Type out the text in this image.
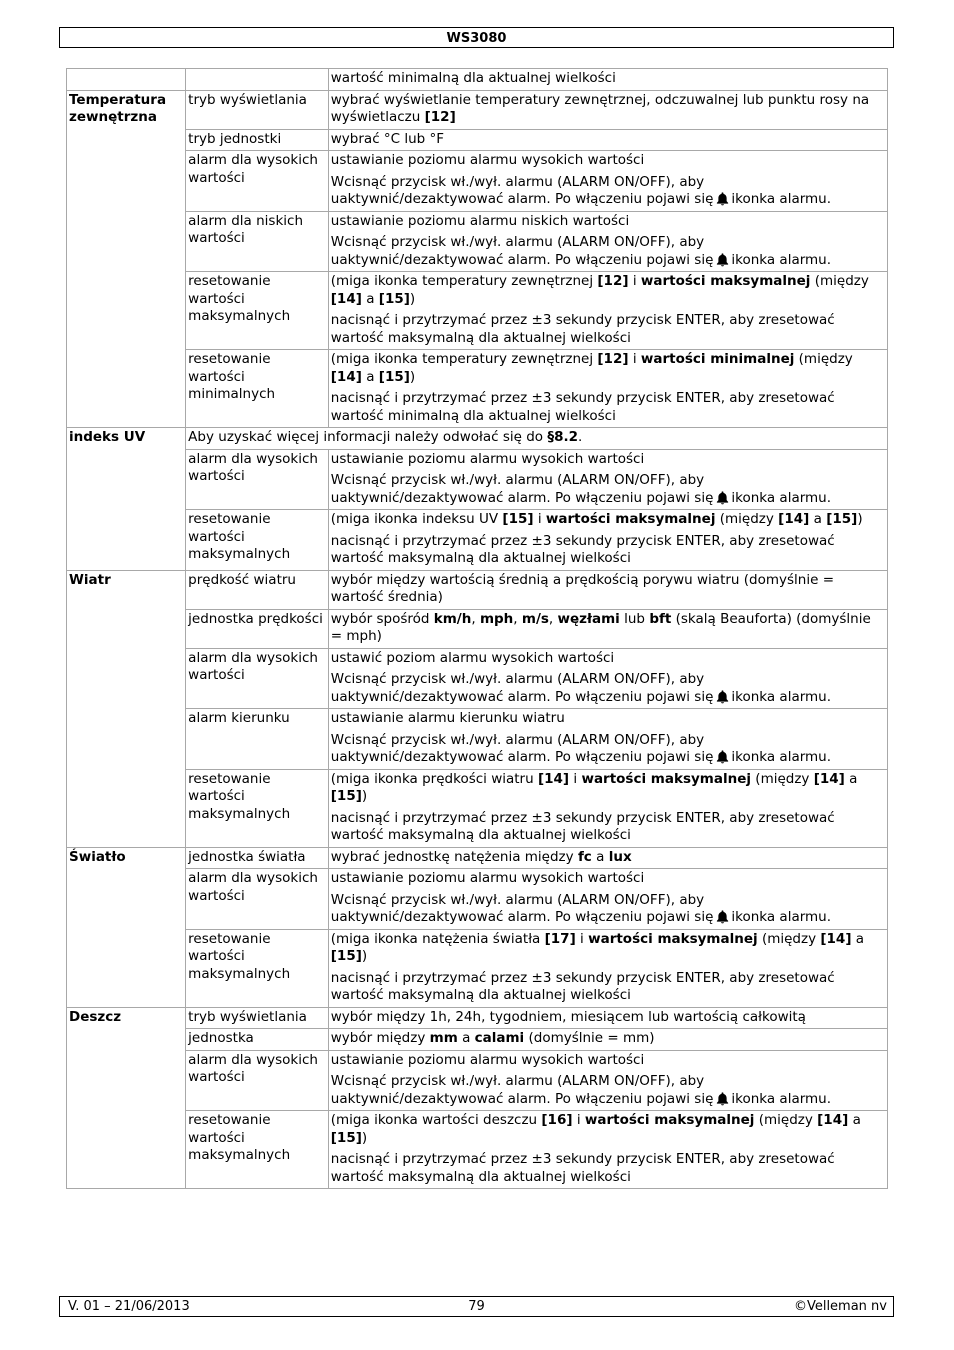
WS3080
		wartość minimalną dla aktualnej wielkości
Temperatura zewnętrzna	tryb wyświetlania	wybrać wyświetlanie temperatury zewnętrznej, odczuwalnej lub punktu rosy na wyświetlaczu [12]
	tryb jednostki	wybrać °C lub °F
	alarm dla wysokich wartości	ustawianie poziomu alarmu wysokich wartości
Wcisnąć przycisk wł./wył. alarmu (ALARM ON/OFF), aby
uaktywnić/dezaktywować alarm. Po włączeniu pojawi się ikonka alarmu.

	alarm dla niskich wartości	ustawianie poziomu alarmu niskich wartości
Wcisnąć przycisk wł./wył. alarmu (ALARM ON/OFF), aby
uaktywnić/dezaktywować alarm. Po włączeniu pojawi się ikonka alarmu.

	resetowanie wartości maksymalnych	(miga ikonka temperatury zewnętrznej [12] i wartości maksymalnej (między [14] a [15])
nacisnąć i przytrzymać przez ±3 sekundy przycisk ENTER, aby zresetować
wartość maksymalną dla aktualnej wielkości

	resetowanie wartości minimalnych	(miga ikonka temperatury zewnętrznej [12] i wartości minimalnej (między [14] a [15])
nacisnąć i przytrzymać przez ±3 sekundy przycisk ENTER, aby zresetować
wartość minimalną dla aktualnej wielkości

indeks UV	Aby uzyskać więcej informacji należy odwołać się do §8.2.	
	alarm dla wysokich wartości	ustawianie poziomu alarmu wysokich wartości
Wcisnąć przycisk wł./wył. alarmu (ALARM ON/OFF), aby
uaktywnić/dezaktywować alarm. Po włączeniu pojawi się ikonka alarmu.

	resetowanie wartości maksymalnych	(miga ikonka indeksu UV [15] i wartości maksymalnej (między [14] a [15])
nacisnąć i przytrzymać przez ±3 sekundy przycisk ENTER, aby zresetować
wartość maksymalną dla aktualnej wielkości

Wiatr	prędkość wiatru	wybór między wartością średnią a prędkością porywu wiatru (domyślnie = wartość średnia)
	jednostka prędkości	wybór spośród km/h, mph, m/s, węzłami lub bft (skalą Beauforta) (domyślnie = mph)
	alarm dla wysokich wartości	ustawić poziom alarmu wysokich wartości
Wcisnąć przycisk wł./wył. alarmu (ALARM ON/OFF), aby
uaktywnić/dezaktywować alarm. Po włączeniu pojawi się ikonka alarmu.

	alarm kierunku	ustawianie alarmu kierunku wiatru
Wcisnąć przycisk wł./wył. alarmu (ALARM ON/OFF), aby
uaktywnić/dezaktywować alarm. Po włączeniu pojawi się ikonka alarmu.

	resetowanie wartości maksymalnych	(miga ikonka prędkości wiatru [14] i wartości maksymalnej (między [14] a [15])
nacisnąć i przytrzymać przez ±3 sekundy przycisk ENTER, aby zresetować
wartość maksymalną dla aktualnej wielkości

Światło	jednostka światła	wybrać jednostkę natężenia między fc a lux
	alarm dla wysokich wartości	ustawianie poziomu alarmu wysokich wartości
Wcisnąć przycisk wł./wył. alarmu (ALARM ON/OFF), aby
uaktywnić/dezaktywować alarm. Po włączeniu pojawi się ikonka alarmu.

	resetowanie wartości maksymalnych	(miga ikonka natężenia światła [17] i wartości maksymalnej (między [14] a [15])
nacisnąć i przytrzymać przez ±3 sekundy przycisk ENTER, aby zresetować
wartość maksymalną dla aktualnej wielkości

Deszcz	tryb wyświetlania	wybór między 1h, 24h, tygodniem, miesiącem lub wartością całkowitą
	jednostka	wybór między mm a calami (domyślnie = mm)
	alarm dla wysokich wartości	ustawianie poziomu alarmu wysokich wartości
Wcisnąć przycisk wł./wył. alarmu (ALARM ON/OFF), aby
uaktywnić/dezaktywować alarm. Po włączeniu pojawi się ikonka alarmu.

	resetowanie wartości maksymalnych	(miga ikonka wartości deszczu [16] i wartości maksymalnej (między [14] a [15])
nacisnąć i przytrzymać przez ±3 sekundy przycisk ENTER, aby zresetować
wartość maksymalną dla aktualnej wielkości
V. 01 – 21/06/2013	79	©Velleman nv
